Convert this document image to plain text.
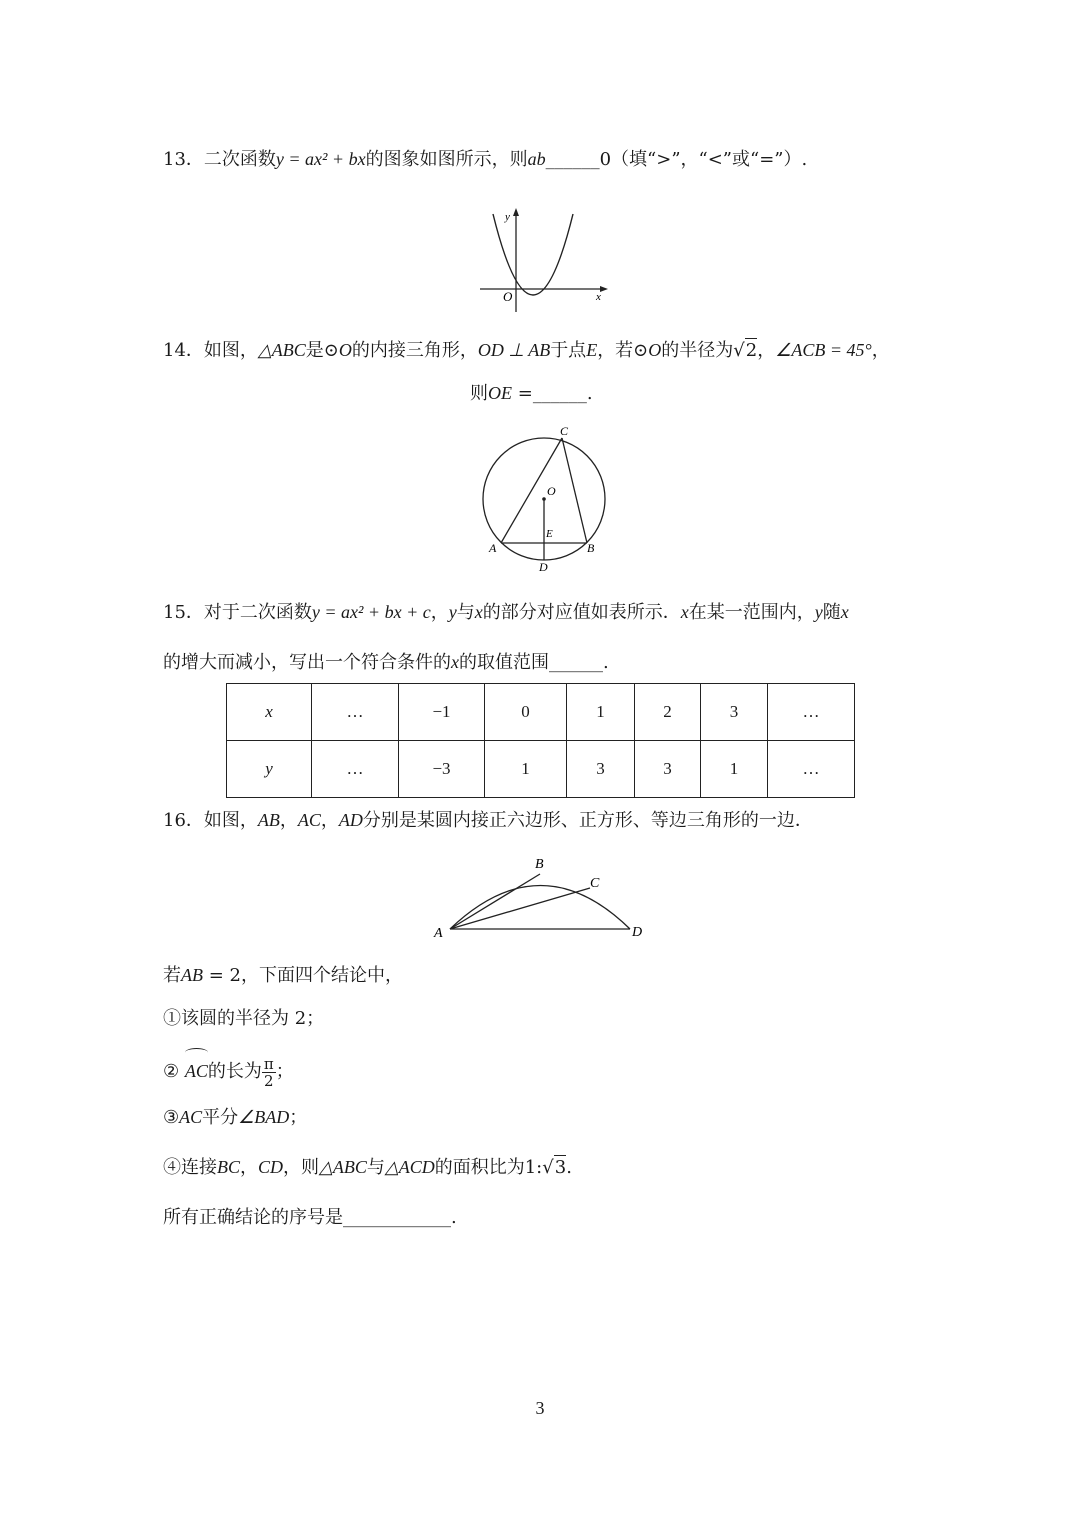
13．二次函数y = ax² + bx的图象如图所示，则ab______0（填“>”，“<”或“=”）.
y
x
O
14．如图，△ABC是⊙O的内接三角形，OD ⊥ AB于点E，若⊙O的半径为√2，∠ACB = 45°，
则OE =______.
C
O
E
A	B
D
15．对于二次函数y = ax² + bx + c，y与x的部分对应值如表所示．x在某一范围内，y随x
的增大而减小，写出一个符合条件的x的取值范围______.
x	…	−1	0	1	2	3	…
y	…	−3	1	3	3	1	…
16．如图，AB，AC，AD分别是某圆内接正六边形、正方形、等边三角形的一边．
A
B
C
D
若AB = 2，下面四个结论中，
①该圆的半径为 2；
② AC的长为 $\frac{\pi}{2}$ ；
③AC平分∠BAD；
④连接BC，CD，则△ABC与△ACD的面积比为1:√3.
所有正确结论的序号是____________.
3
